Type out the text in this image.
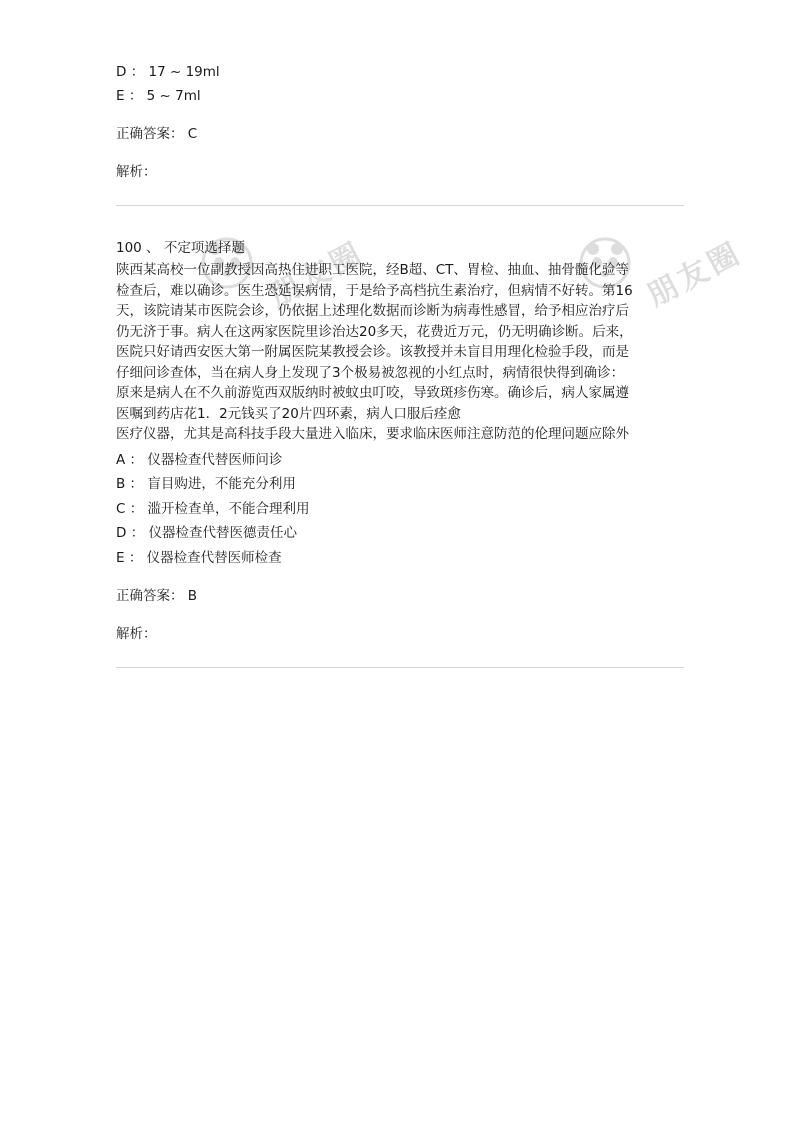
朋友圈	朋友圈
D ： 17 ~ 19ml
E ： 5 ~ 7ml
正确答案： C
解析：
100 、 不定项选择题
陕西某高校一位副教授因高热住进职工医院，经B超、CT、胃检、抽血、抽骨髓化验等
检查后，难以确诊。医生恐延误病情，于是给予高档抗生素治疗，但病情不好转。第16
天，该院请某市医院会诊，仍依据上述理化数据而诊断为病毒性感冒，给予相应治疗后
仍无济于事。病人在这两家医院里诊治达20多天，花费近万元，仍无明确诊断。后来，
医院只好请西安医大第一附属医院某教授会诊。该教授并未盲目用理化检验手段，而是
仔细问诊查体，当在病人身上发现了3个极易被忽视的小红点时，病情很快得到确诊：
原来是病人在不久前游览西双版纳时被蚊虫叮咬，导致斑疹伤寒。确诊后，病人家属遵
医嘱到药店花1．2元钱买了20片四环素，病人口服后痊愈
医疗仪器，尤其是高科技手段大量进入临床，要求临床医师注意防范的伦理问题应除外
A ： 仪器检查代替医师问诊
B ： 盲目购进，不能充分利用
C ： 滥开检查单，不能合理利用
D ： 仪器检查代替医德责任心
E ： 仪器检查代替医师检查
正确答案： B
解析：
